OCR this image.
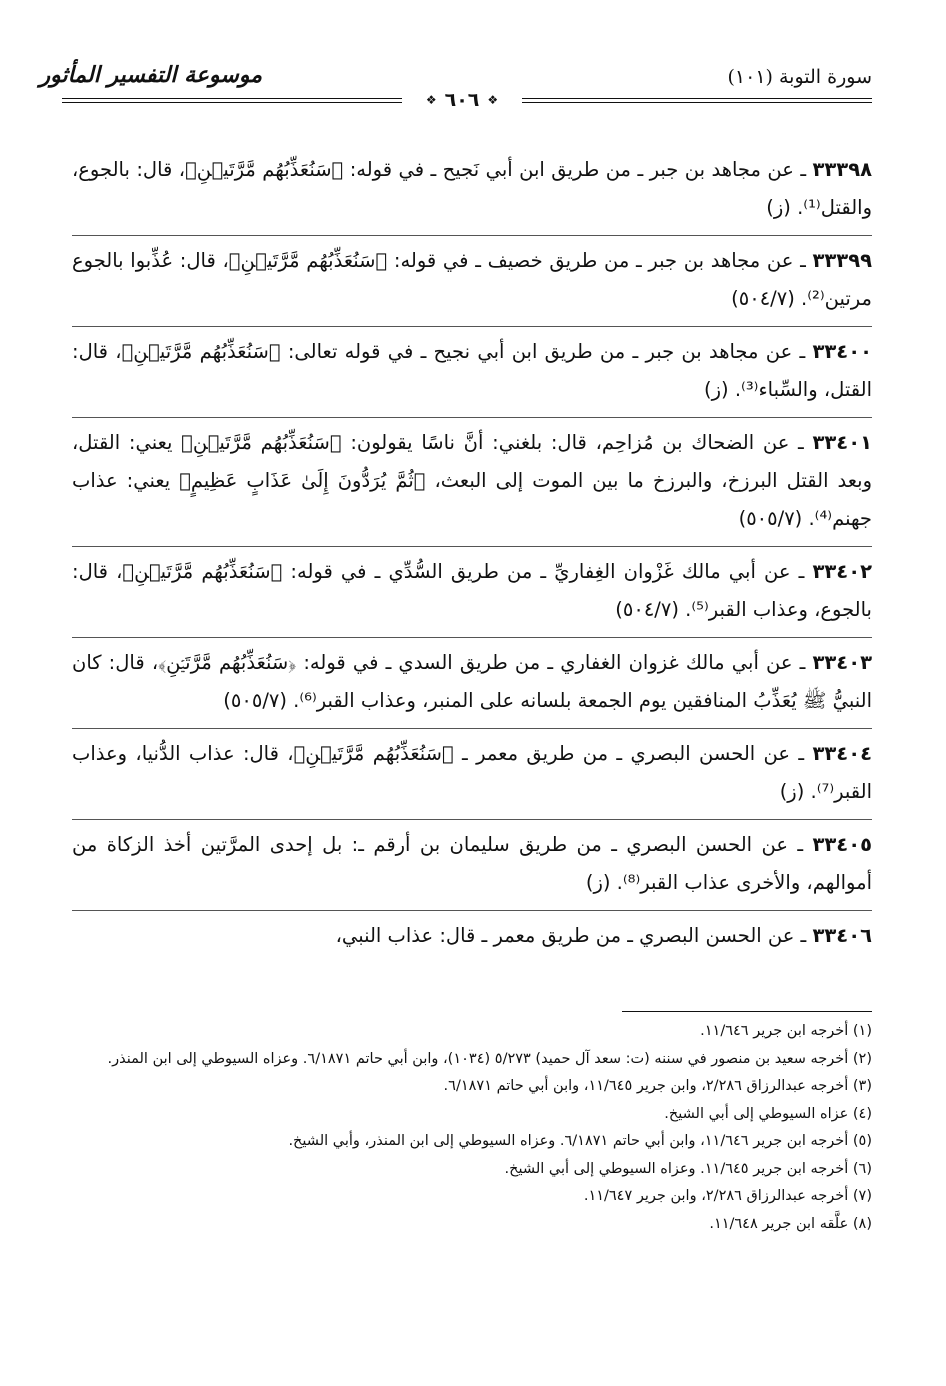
موسوعة التفسير المأثور	سورة التوبة (١٠١)
❖ ٦٠٦ ❖
٣٣٣٩٨ ـ عن مجاهد بن جبر ـ من طريق ابن أبي نَجيح ـ في قوله: ﴿سَنُعَذِّبُهُم مَّرَّتَيۡنِ﴾، قال: بالجوع، والقتل⁽¹⁾. (ز)
٣٣٣٩٩ ـ عن مجاهد بن جبر ـ من طريق خصيف ـ في قوله: ﴿سَنُعَذِّبُهُم مَّرَّتَيۡنِ﴾، قال: عُذِّبوا بالجوع مرتين⁽²⁾. (٥٠٤/٧)
٣٣٤٠٠ ـ عن مجاهد بن جبر ـ من طريق ابن أبي نجيح ـ في قوله تعالى: ﴿سَنُعَذِّبُهُم مَّرَّتَيۡنِ﴾، قال: القتل، والسِّباء⁽³⁾. (ز)
٣٣٤٠١ ـ عن الضحاك بن مُزاحِم، قال: بلغني: أنَّ ناسًا يقولون: ﴿سَنُعَذِّبُهُم مَّرَّتَيۡنِ﴾ يعني: القتل، وبعد القتل البرزخ، والبرزخ ما بين الموت إلى البعث، ﴿ثُمَّ يُرَدُّونَ إِلَىٰ عَذَابٍ عَظِيمٍ﴾ يعني: عذاب جهنم⁽⁴⁾. (٥٠٥/٧)
٣٣٤٠٢ ـ عن أبي مالك غَزْوان الغِفاريِّ ـ من طريق السُّدِّي ـ في قوله: ﴿سَنُعَذِّبُهُم مَّرَّتَيۡنِ﴾، قال: بالجوع، وعذاب القبر⁽⁵⁾. (٥٠٤/٧)
٣٣٤٠٣ ـ عن أبي مالك غزوان الغفاري ـ من طريق السدي ـ في قوله: ﴿سَنُعَذِّبُهُم مَّرَّتَيۡنِ﴾، قال: كان النبيُّ ﷺ يُعَذِّبُ المنافقين يوم الجمعة بلسانه على المنبر، وعذاب القبر⁽⁶⁾. (٥٠٥/٧)
٣٣٤٠٤ ـ عن الحسن البصري ـ من طريق معمر ـ ﴿سَنُعَذِّبُهُم مَّرَّتَيۡنِ﴾، قال: عذاب الدُّنيا، وعذاب القبر⁽⁷⁾. (ز)
٣٣٤٠٥ ـ عن الحسن البصري ـ من طريق سليمان بن أرقم ـ: بل إحدى المرَّتين أخذ الزكاة من أموالهم، والأخرى عذاب القبر⁽⁸⁾. (ز)
٣٣٤٠٦ ـ عن الحسن البصري ـ من طريق معمر ـ قال: عذاب النبي،
(١) أخرجه ابن جرير ١١/٦٤٦.
(٢) أخرجه سعيد بن منصور في سننه (ت: سعد آل حميد) ٥/٢٧٣ (١٠٣٤)، وابن أبي حاتم ٦/١٨٧١. وعزاه السيوطي إلى ابن المنذر.
(٣) أخرجه عبدالرزاق ٢/٢٨٦، وابن جرير ١١/٦٤٥، وابن أبي حاتم ٦/١٨٧١.
(٤) عزاه السيوطي إلى أبي الشيخ.
(٥) أخرجه ابن جرير ١١/٦٤٦، وابن أبي حاتم ٦/١٨٧١. وعزاه السيوطي إلى ابن المنذر، وأبي الشيخ.
(٦) أخرجه ابن جرير ١١/٦٤٥. وعزاه السيوطي إلى أبي الشيخ.
(٧) أخرجه عبدالرزاق ٢/٢٨٦، وابن جرير ١١/٦٤٧.
(٨) علَّقه ابن جرير ١١/٦٤٨.
